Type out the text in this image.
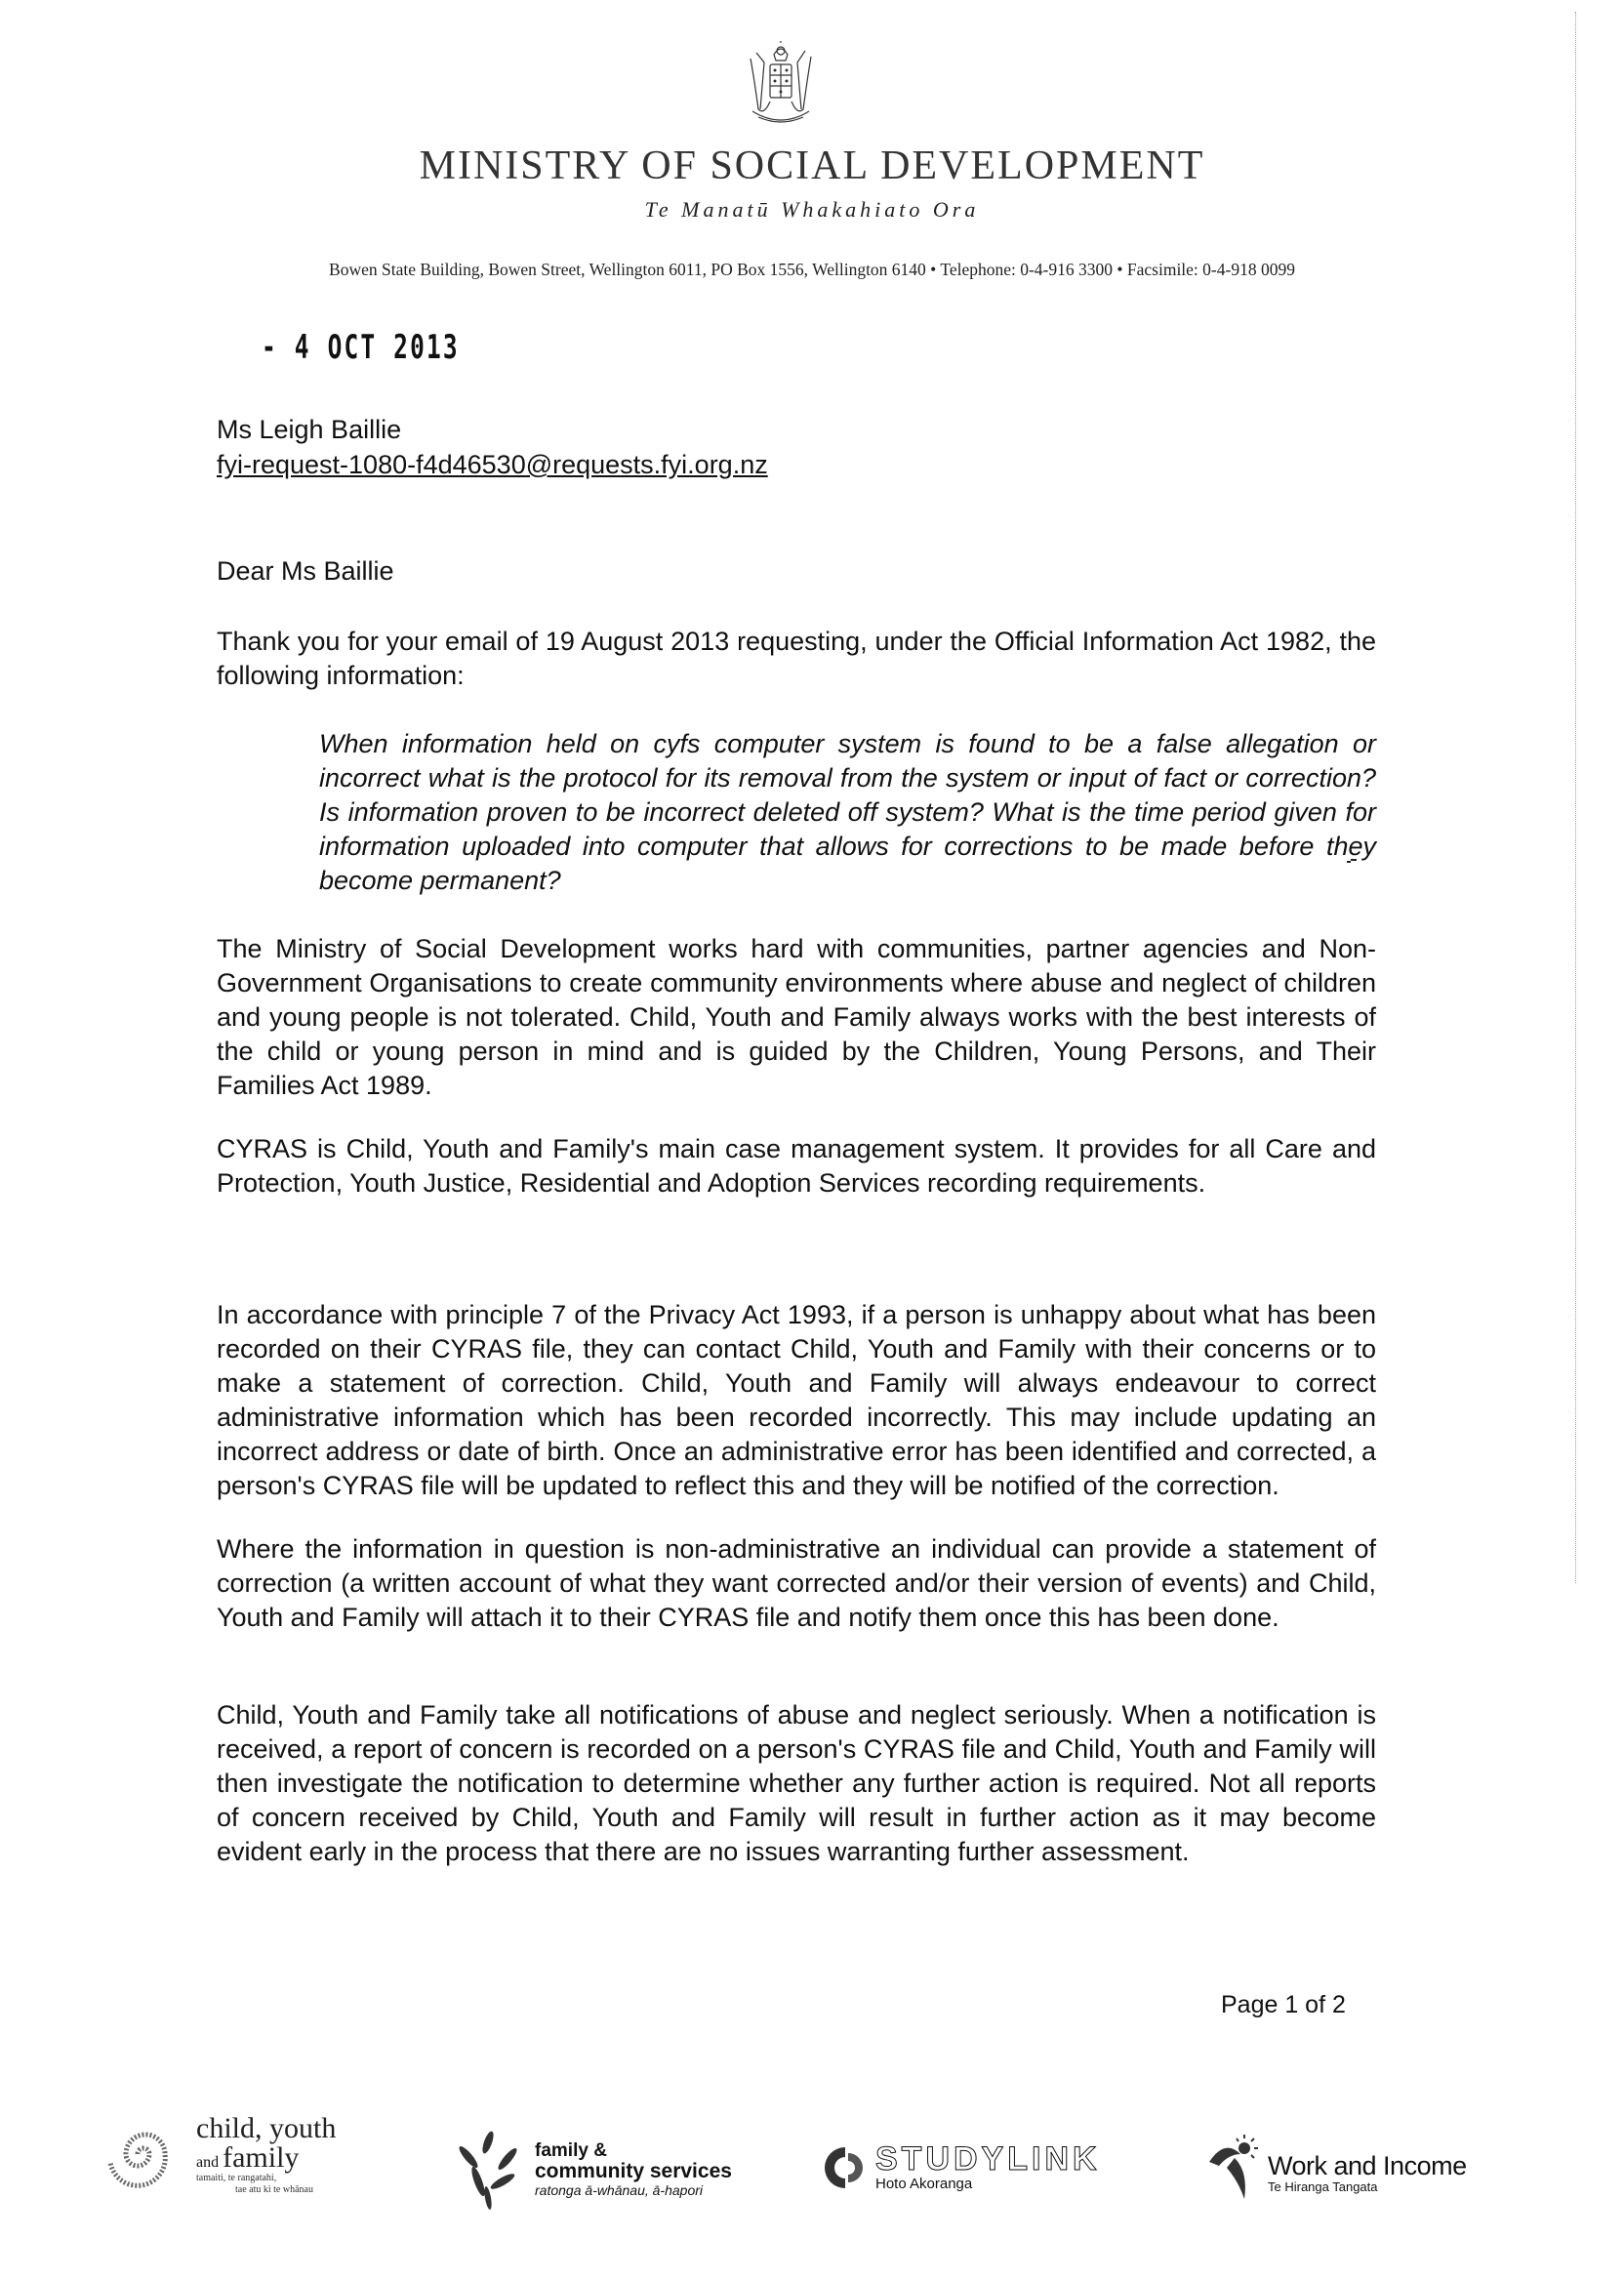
MINISTRY OF SOCIAL DEVELOPMENT
Te Manatū Whakahiato Ora
Bowen State Building, Bowen Street, Wellington 6011, PO Box 1556, Wellington 6140 • Telephone: 0-4-916 3300 • Facsimile: 0-4-918 0099
- 4 OCT 2013
Ms Leigh Baillie
fyi-request-1080-f4d46530@requests.fyi.org.nz
Dear Ms Baillie
Thank you for your email of 19 August 2013 requesting, under the Official Information Act 1982, the following information:
When information held on cyfs computer system is found to be a false allegation or incorrect what is the protocol for its removal from the system or input of fact or correction? Is information proven to be incorrect deleted off system? What is the time period given for information uploaded into computer that allows for corrections to be made before they become permanent?
The Ministry of Social Development works hard with communities, partner agencies and Non-Government Organisations to create community environments where abuse and neglect of children and young people is not tolerated. Child, Youth and Family always works with the best interests of the child or young person in mind and is guided by the Children, Young Persons, and Their Families Act 1989.
CYRAS is Child, Youth and Family's main case management system. It provides for all Care and Protection, Youth Justice, Residential and Adoption Services recording requirements.
In accordance with principle 7 of the Privacy Act 1993, if a person is unhappy about what has been recorded on their CYRAS file, they can contact Child, Youth and Family with their concerns or to make a statement of correction. Child, Youth and Family will always endeavour to correct administrative information which has been recorded incorrectly. This may include updating an incorrect address or date of birth. Once an administrative error has been identified and corrected, a person's CYRAS file will be updated to reflect this and they will be notified of the correction.
Where the information in question is non-administrative an individual can provide a statement of correction (a written account of what they want corrected and/or their version of events) and Child, Youth and Family will attach it to their CYRAS file and notify them once this has been done.
Child, Youth and Family take all notifications of abuse and neglect seriously. When a notification is received, a report of concern is recorded on a person's CYRAS file and Child, Youth and Family will then investigate the notification to determine whether any further action is required. Not all reports of concern received by Child, Youth and Family will result in further action as it may become evident early in the process that there are no issues warranting further assessment.
Page 1 of 2
child, youth
and family
tamaiti, te rangatahi,
tae atu ki te whānau
family &
community services
ratonga ā-whānau, ā-hapori
STUDYLINK
Hoto Akoranga
Work and Income
Te Hiranga Tangata
